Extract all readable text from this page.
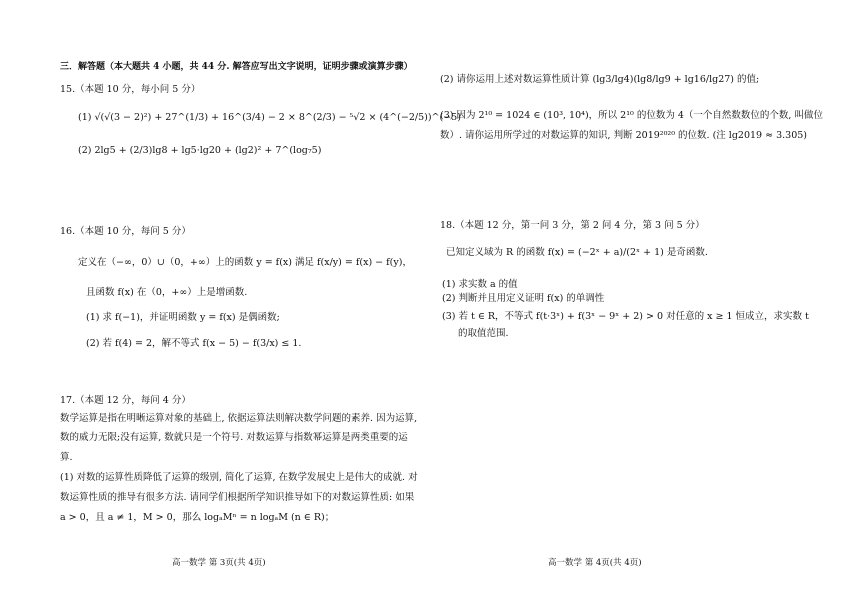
三．解答题（本大题共 4 小题，共 44 分. 解答应写出文字说明，证明步骤或演算步骤）
15.（本题 10 分，每小问 5 分）
(1) √(√(3 − 2)²) + 27^(1/3) + 16^(3/4) − 2 × 8^(2/3) − ⁵√2 × (4^(−2/5))^(−5)
(2) 2lg5 + (2/3)lg8 + lg5·lg20 + (lg2)² + 7^(log₇5)
16.（本题 10 分，每问 5 分）
定义在（−∞，0）∪（0，+∞）上的函数 y = f(x) 满足 f(x/y) = f(x) − f(y)，
且函数 f(x) 在（0，+∞）上是增函数.
(1) 求 f(−1)，并证明函数 y = f(x) 是偶函数;
(2) 若 f(4) = 2，解不等式 f(x − 5) − f(3/x) ≤ 1.
17.（本题 12 分，每问 4 分）
数学运算是指在明晰运算对象的基础上, 依据运算法则解决数学问题的素养. 因为运算,
数的威力无限;没有运算, 数就只是一个符号. 对数运算与指数幂运算是两类重要的运
算.
(1) 对数的运算性质降低了运算的级别, 简化了运算, 在数学发展史上是伟大的成就. 对
数运算性质的推导有很多方法. 请同学们根据所学知识推导如下的对数运算性质: 如果
a > 0，且 a ≠ 1，M > 0，那么 logₐMⁿ = n logₐM (n ∈ R)；
高一数学 第 3页(共 4页)
(2) 请你运用上述对数运算性质计算 (lg3/lg4)(lg8/lg9 + lg16/lg27) 的值;
(3) 因为 2¹⁰ = 1024 ∈ (10³, 10⁴)，所以 2¹⁰ 的位数为 4（一个自然数数位的个数, 叫做位
数）. 请你运用所学过的对数运算的知识, 判断 2019²⁰²⁰ 的位数. (注 lg2019 ≈ 3.305)
18.（本题 12 分，第一问 3 分，第 2 问 4 分，第 3 问 5 分）
已知定义域为 R 的函数 f(x) = (−2ˣ + a)/(2ˣ + 1) 是奇函数.
(1) 求实数 a 的值
(2) 判断并且用定义证明 f(x) 的单调性
(3) 若 t ∈ R，不等式 f(t·3ˣ) + f(3ˣ − 9ˣ + 2) > 0 对任意的 x ≥ 1 恒成立，求实数 t
的取值范围.
高一数学 第 4页(共 4页)
